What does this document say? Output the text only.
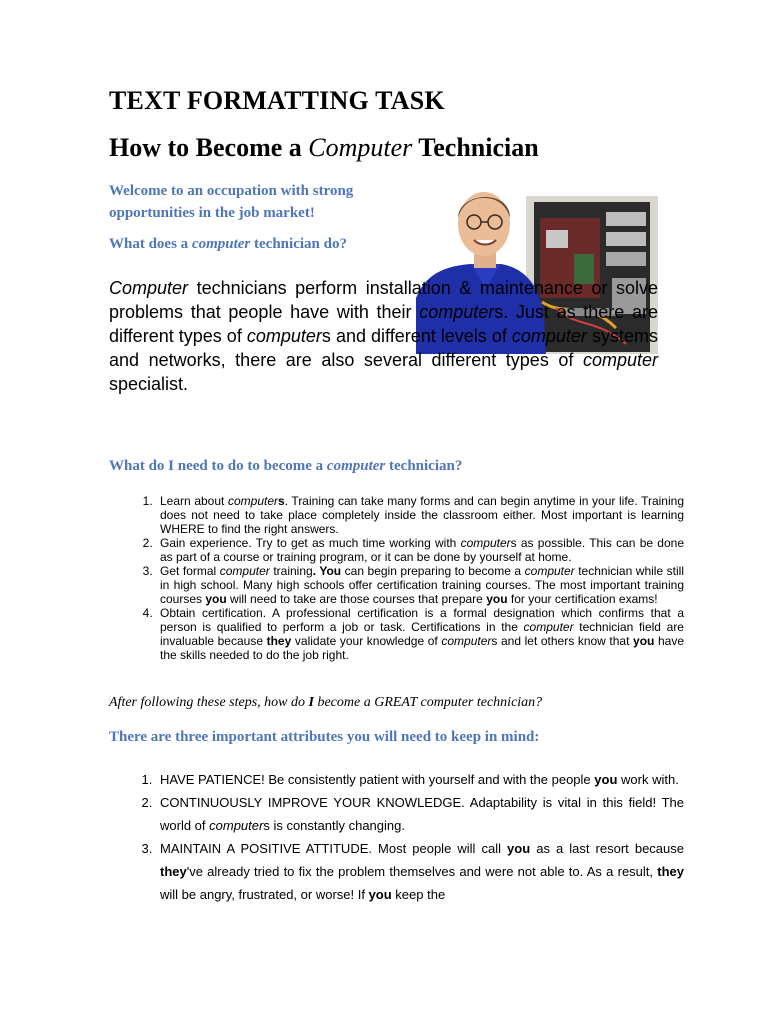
TEXT FORMATTING TASK
How to Become a Computer Technician
Welcome to an occupation with strong opportunities in the job market!
What does a computer technician do?
Computer technicians perform installation & maintenance or solve problems that people have with their computers. Just as there are different types of computers and different levels of computer systems and networks, there are also several different types of computer specialist.
What do I need to do to become a computer technician?
1. Learn about computers. Training can take many forms and can begin anytime in your life. Training does not need to take place completely inside the classroom either. Most important is learning WHERE to find the right answers.
2. Gain experience. Try to get as much time working with computers as possible. This can be done as part of a course or training program, or it can be done by yourself at home.
3. Get formal computer training. You can begin preparing to become a computer technician while still in high school. Many high schools offer certification training courses. The most important training courses you will need to take are those courses that prepare you for your certification exams!
4. Obtain certification. A professional certification is a formal designation which confirms that a person is qualified to perform a job or task. Certifications in the computer technician field are invaluable because they validate your knowledge of computers and let others know that you have the skills needed to do the job right.
After following these steps, how do I become a GREAT computer technician?
There are three important attributes you will need to keep in mind:
1. HAVE PATIENCE! Be consistently patient with yourself and with the people you work with.
2. CONTINUOUSLY IMPROVE YOUR KNOWLEDGE. Adaptability is vital in this field! The world of computers is constantly changing.
3. MAINTAIN A POSITIVE ATTITUDE. Most people will call you as a last resort because they've already tried to fix the problem themselves and were not able to. As a result, they will be angry, frustrated, or worse! If you keep the
